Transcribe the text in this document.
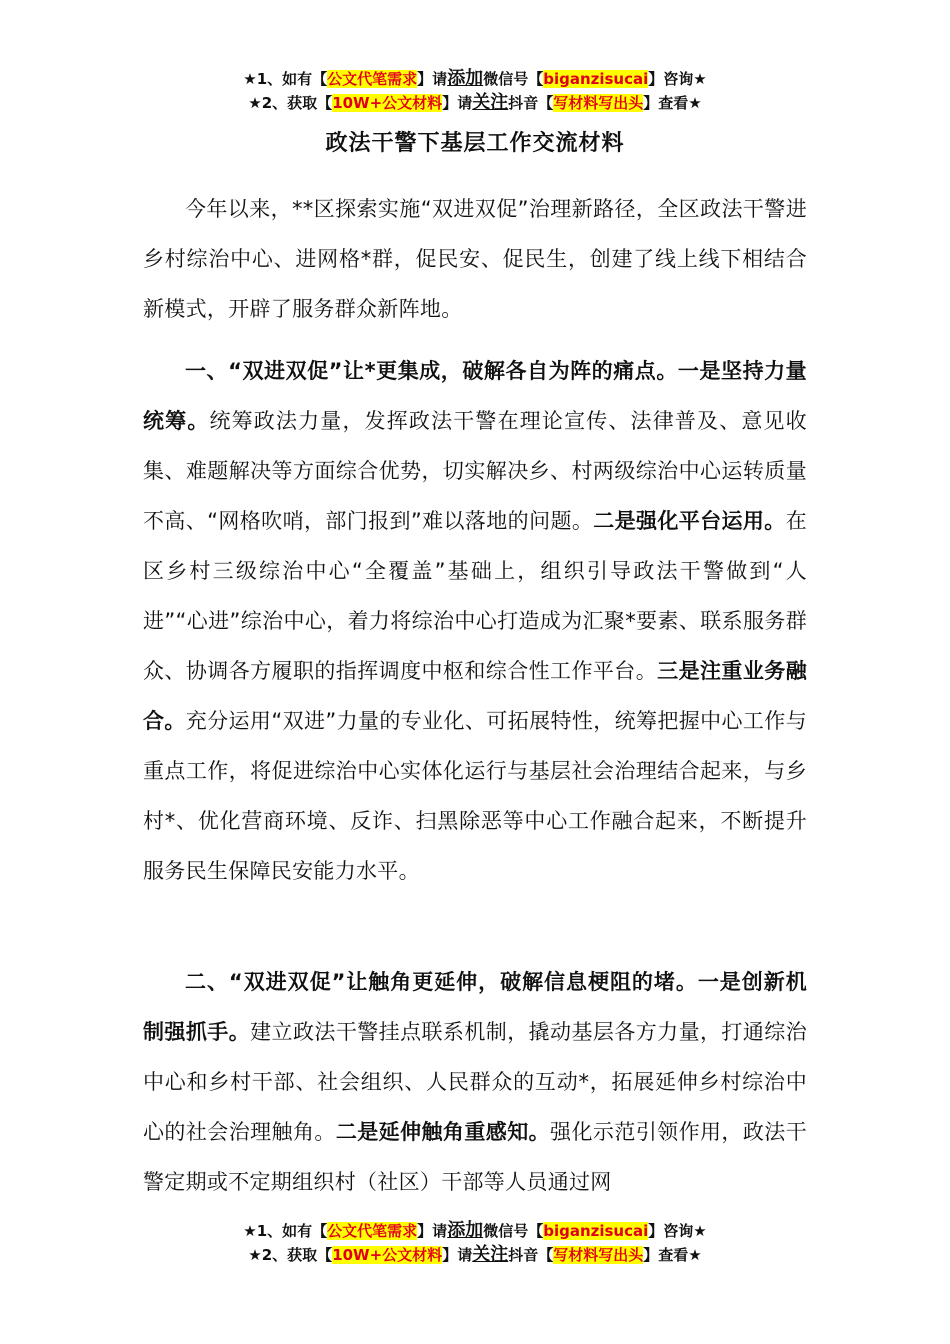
★1、如有【公文代笔需求】请添加微信号【biganzisucai】咨询★
★2、获取【10W+公文材料】请关注抖音【写材料写出头】查看★
政法干警下基层工作交流材料

今年以来，**区探索实施“双进双促”治理新路径，全区政法干警进乡村综治中心、进网格*群，促民安、促民生，创建了线上线下相结合新模式，开辟了服务群众新阵地。

一、“双进双促”让*更集成，破解各自为阵的痛点。一是坚持力量统筹。统筹政法力量，发挥政法干警在理论宣传、法律普及、意见收集、难题解决等方面综合优势，切实解决乡、村两级综治中心运转质量不高、“网格吹哨，部门报到”难以落地的问题。二是强化平台运用。在区乡村三级综治中心“全覆盖”基础上，组织引导政法干警做到“人进”“心进”综治中心，着力将综治中心打造成为汇聚*要素、联系服务群众、协调各方履职的指挥调度中枢和综合性工作平台。三是注重业务融合。充分运用“双进”力量的专业化、可拓展特性，统筹把握中心工作与重点工作，将促进综治中心实体化运行与基层社会治理结合起来，与乡村*、优化营商环境、反诈、扫黑除恶等中心工作融合起来，不断提升服务民生保障民安能力水平。

二、“双进双促”让触角更延伸，破解信息梗阻的堵。一是创新机制强抓手。建立政法干警挂点联系机制，撬动基层各方力量，打通综治中心和乡村干部、社会组织、人民群众的互动*，拓展延伸乡村综治中心的社会治理触角。二是延伸触角重感知。强化示范引领作用，政法干警定期或不定期组织村（社区）干部等人员通过网

★1、如有【公文代笔需求】请添加微信号【biganzisucai】咨询★
★2、获取【10W+公文材料】请关注抖音【写材料写出头】查看★
